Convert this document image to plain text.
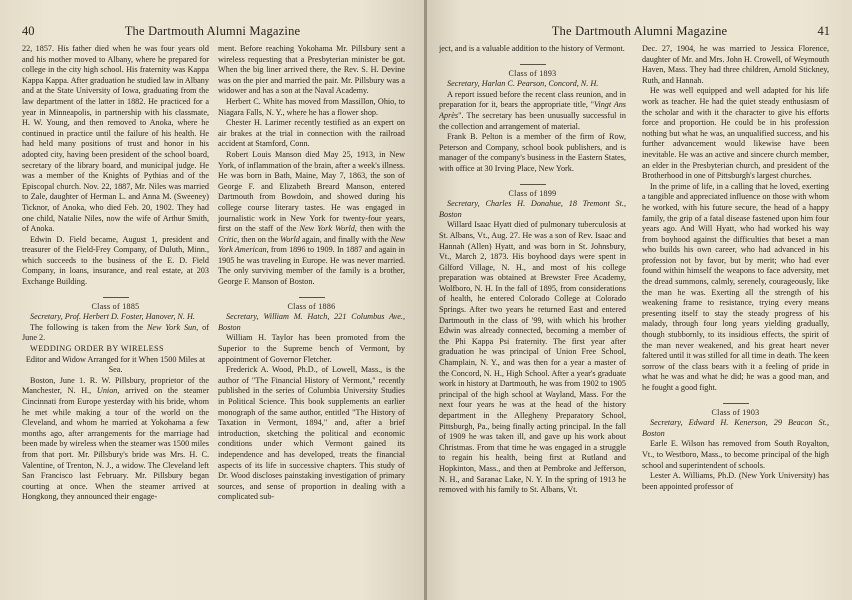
40	The Dartmouth Alumni Magazine

22, 1857. His father died when he was four years old and his mother moved to Albany, where he prepared for college in the city high school. His fraternity was Kappa Kappa Kappa. After graduation he studied law in Albany and at the State University of Iowa, graduating from the law department of the latter in 1882. He practiced for a year in Minneapolis, in partnership with his classmate, H. W. Young, and then removed to Anoka, where he continued in practice until the failure of his health. He had held many positions of trust and honor in his adopted city, having been president of the school board, secretary of the library board, and municipal judge. He was a member of the Knights of Pythias and of the Episcopal church. Nov. 22, 1887, Mr. Niles was married to Zale, daughter of Herman L. and Anna M. (Sweeney) Ticknor, of Anoka, who died Feb. 20, 1902. They had one child, Natalie Niles, now the wife of Arthur Smith, of Anoka.

Edwin D. Field became, August 1, president and treasurer of the Field-Frey Company, of Duluth, Minn., which succeeds to the business of the E. D. Field Company, in loans, insurance, and real estate, at 203 Exchange Building.

Class of 1885

Secretary, Prof. Herbert D. Foster, Hanover, N. H.

The following is taken from the New York Sun, of June 2.

WEDDING ORDER BY WIRELESS

Editor and Widow Arranged for it When 1500 Miles at Sea.

Boston, June 1. R. W. Pillsbury, proprietor of the Manchester, N. H., Union, arrived on the steamer Cincinnati from Europe yesterday with his bride, whom he met while making a tour of the world on the Cleveland, and whom he married at Yokohama a few months ago, after arrangements for the marriage had been made by wireless when the steamer was 1500 miles from that port. Mr. Pillsbury's bride was Mrs. H. C. Valentine, of Trenton, N. J., a widow. The Cleveland left San Francisco last February. Mr. Pillsbury began courting at once. When the steamer arrived at Hongkong, they announced their engage-

ment. Before reaching Yokohama Mr. Pillsbury sent a wireless requesting that a Presbyterian minister be got. When the big liner arrived there, the Rev. S. H. Devine was on the pier and married the pair. Mr. Pillsbury was a widower and has a son at the Naval Academy.

Herbert C. White has moved from Massillon, Ohio, to Niagara Falls, N. Y., where he has a flower shop.

Chester H. Larimer recently testified as an expert on air brakes at the trial in connection with the railroad accident at Stamford, Conn.

Robert Louis Manson died May 25, 1913, in New York, of inflammation of the brain, after a week's illness. He was born in Bath, Maine, May 7, 1863, the son of George F. and Elizabeth Breard Manson, entered Dartmouth from Bowdoin, and showed during his college course literary tastes. He was engaged in journalistic work in New York for twenty-four years, first on the staff of the New York World, then with the Critic, then on the World again, and finally with the New York American, from 1896 to 1909. In 1887 and again in 1905 he was traveling in Europe. He was never married. The only surviving member of the family is a brother, George F. Manson of Boston.

Class of 1886

Secretary, William M. Hatch, 221 Columbus Ave., Boston

William H. Taylor has been promoted from the Superior to the Supreme bench of Vermont, by appointment of Governor Fletcher.

Frederick A. Wood, Ph.D., of Lowell, Mass., is the author of "The Financial History of Vermont," recently published in the series of Columbia University Studies in Political Science. This book supplements an earlier monograph of the same author, entitled "The History of Taxation in Vermont, 1894," and, after a brief introduction, sketching the political and economic conditions under which Vermont gained its independence and has developed, treats the financial aspects of its life in successive chapters. This study of Dr. Wood discloses painstaking investigation of primary sources, and sense of proportion in dealing with a complicated sub-

The Dartmouth Alumni Magazine	41

ject, and is a valuable addition to the history of Vermont.

Class of 1893

Secretary, Harlan C. Pearson, Concord, N. H.

A report issued before the recent class reunion, and in preparation for it, bears the appropriate title, "Vingt Ans Après". The secretary has been unusually successful in the collection and arrangement of material.

Frank B. Pelton is a member of the firm of Row, Peterson and Company, school book publishers, and is manager of the company's business in the Eastern States, with office at 30 Irving Place, New York.

Class of 1899

Secretary, Charles H. Donahue, 18 Tremont St., Boston

Willard Isaac Hyatt died of pulmonary tuberculosis at St. Albans, Vt., Aug. 27. He was a son of Rev. Isaac and Hannah (Allen) Hyatt, and was born in St. Johnsbury, Vt., March 2, 1873. His boyhood days were spent in Gilford Village, N. H., and most of his college preparation was obtained at Brewster Free Academy, Wolfboro, N. H. In the fall of 1895, from considerations of health, he entered Colorado College at Colorado Springs. After two years he returned East and entered Dartmouth in the class of '99, with which his brother Edwin was already connected, becoming a member of the Phi Kappa Psi fraternity. The first year after graduation he was principal of Union Free School, Champlain, N. Y., and was then for a year a master of the Concord, N. H., High School. After a year's graduate work in history at Dartmouth, he was from 1902 to 1905 principal of the high school at Wayland, Mass. For the next four years he was at the head of the history department in the Allegheny Preparatory School, Pittsburgh, Pa., being finally acting principal. In the fall of 1909 he was taken ill, and gave up his work about Christmas. From that time he was engaged in a struggle to regain his health, being first at Rutland and Hopkinton, Mass., and then at Pembroke and Jefferson, N. H., and Saranac Lake, N. Y. In the spring of 1913 he removed with his family to St. Albans, Vt.

Dec. 27, 1904, he was married to Jessica Florence, daughter of Mr. and Mrs. John H. Crowell, of Weymouth Haven, Mass. They had three children, Arnold Stickney, Ruth, and Hannah.

He was well equipped and well adapted for his life work as teacher. He had the quiet steady enthusiasm of the scholar and with it the character to give his efforts force and proportion. He could be in his profession nothing but what he was, an unqualified success, and his further advancement would likewise have been inevitable. He was an active and sincere church member, an elder in the Presbyterian church, and president of the Brotherhood in one of Pittsburgh's largest churches.

In the prime of life, in a calling that he loved, exerting a tangible and appreciated influence on those with whom he worked, with his future secure, the head of a happy family, the grip of a fatal disease fastened upon him four years ago. And Will Hyatt, who had worked his way from boyhood against the difficulties that beset a man who builds his own career, who had advanced in his profession not by favor, but by merit; who had ever found within himself the weapons to face adversity, met the dread summons, calmly, serenely, courageously, like the man he was. Exerting all the strength of his weakening frame to resistance, trying every means presenting itself to stay the steady progress of his malady, through four long years yielding gradually, though stubbornly, to its insidious effects, the spirit of the man never weakened, and his great heart never faltered until it was stilled for all time in death. The keen sorrow of the class bears with it a feeling of pride in what he was and what he did; he was a good man, and he fought a good fight.

Class of 1903

Secretary, Edward H. Kenerson, 29 Beacon St., Boston

Earle E. Wilson has removed from South Royalton, Vt., to Westboro, Mass., to become principal of the high school and superintendent of schools.

Lester A. Williams, Ph.D. (New York University) has been appointed professor of
